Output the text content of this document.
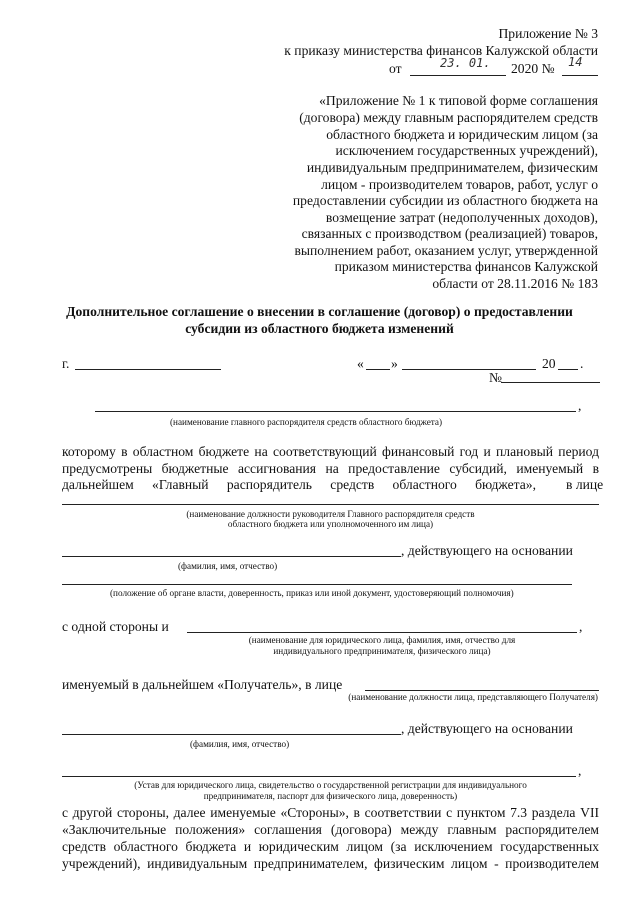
Приложение № 3
к приказу министерства финансов Калужской области
от	23. 01. 2020 № 14
«Приложение № 1 к типовой форме соглашения
(договора) между главным распорядителем средств
областного бюджета и юридическим лицом (за
исключением государственных учреждений),
индивидуальным предпринимателем, физическим
лицом - производителем товаров, работ, услуг о
предоставлении субсидии из областного бюджета на
возмещение затрат (недополученных доходов),
связанных с производством (реализацией) товаров,
выполнением работ, оказанием услуг, утвержденной
приказом министерства финансов Калужской
области от 28.11.2016 № 183
Дополнительное соглашение о внесении в соглашение (договор) о предоставлении
субсидии из областного бюджета изменений
г.	« »	20 .
№
,
(наименование главного распорядителя средств областного бюджета)
которому в областном бюджете на соответствующий финансовый год и плановый период
предусмотрены бюджетные ассигнования на предоставление субсидий, именуемый в
дальнейшем «Главный распорядитель средств областного бюджета», в лице
(наименование должности руководителя Главного распорядителя средств
областного бюджета или уполномоченного им лица)
, действующего на основании
(фамилия, имя, отчество)
(положение об органе власти, доверенность, приказ или иной документ, удостоверяющий полномочия)
с одной стороны и	,
(наименование для юридического лица, фамилия, имя, отчество для
индивидуального предпринимателя, физического лица)
именуемый в дальнейшем «Получатель», в лице
(наименование должности лица, представляющего Получателя)
, действующего на основании
(фамилия, имя, отчество)
,
(Устав для юридического лица, свидетельство о государственной регистрации для индивидуального
предпринимателя, паспорт для физического лица, доверенность)
с другой стороны, далее именуемые «Стороны», в соответствии с пунктом 7.3 раздела VII
«Заключительные положения» соглашения (договора) между главным распорядителем
средств областного бюджета и юридическим лицом (за исключением государственных
учреждений), индивидуальным предпринимателем, физическим лицом - производителем
